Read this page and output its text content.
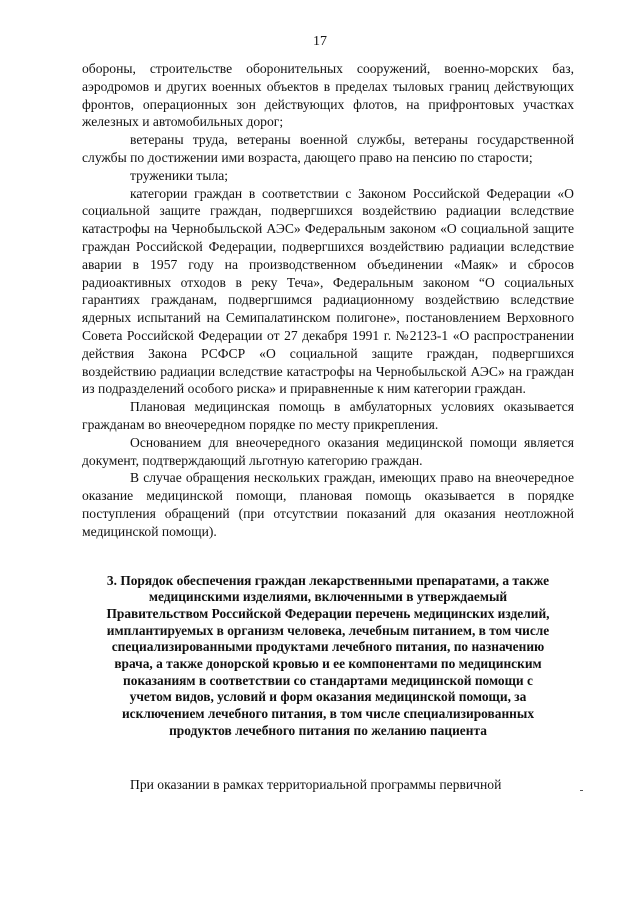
17

обороны, строительстве оборонительных сооружений, военно-морских баз, аэродромов и других военных объектов в пределах тыловых границ действующих фронтов, операционных зон действующих флотов, на прифронтовых участках железных и автомобильных дорог;

ветераны труда, ветераны военной службы, ветераны государственной службы по достижении ими возраста, дающего право на пенсию по старости;

труженики тыла;

категории граждан в соответствии с Законом Российской Федерации «О социальной защите граждан, подвергшихся воздействию радиации вследствие катастрофы на Чернобыльской АЭС» Федеральным законом «О социальной защите граждан Российской Федерации, подвергшихся воздействию радиации вследствие аварии в 1957 году на производственном объединении «Маяк» и сбросов радиоактивных отходов в реку Теча», Федеральным законом “О социальных гарантиях гражданам, подвергшимся радиационному воздействию вследствие ядерных испытаний на Семипалатинском полигоне», постановлением Верховного Совета Российской Федерации от 27 декабря 1991 г. №2123-1 «О распространении действия Закона РСФСР «О социальной защите граждан, подвергшихся воздействию радиации вследствие катастрофы на Чернобыльской АЭС» на граждан из подразделений особого риска» и приравненные к ним категории граждан.

Плановая медицинская помощь в амбулаторных условиях оказывается гражданам во внеочередном порядке по месту прикрепления.

Основанием для внеочередного оказания медицинской помощи является документ, подтверждающий льготную категорию граждан.

В случае обращения нескольких граждан, имеющих право на внеочередное оказание медицинской помощи, плановая помощь оказывается в порядке поступления обращений (при отсутствии показаний для оказания неотложной медицинской помощи).

3. Порядок обеспечения граждан лекарственными препаратами, а также медицинскими изделиями, включенными в утверждаемый Правительством Российской Федерации перечень медицинских изделий, имплантируемых в организм человека, лечебным питанием, в том числе специализированными продуктами лечебного питания, по назначению врача, а также донорской кровью и ее компонентами по медицинским показаниям в соответствии со стандартами медицинской помощи с учетом видов, условий и форм оказания медицинской помощи, за исключением лечебного питания, в том числе специализированных продуктов лечебного питания по желанию пациента

При оказании в рамках территориальной программы первичной
